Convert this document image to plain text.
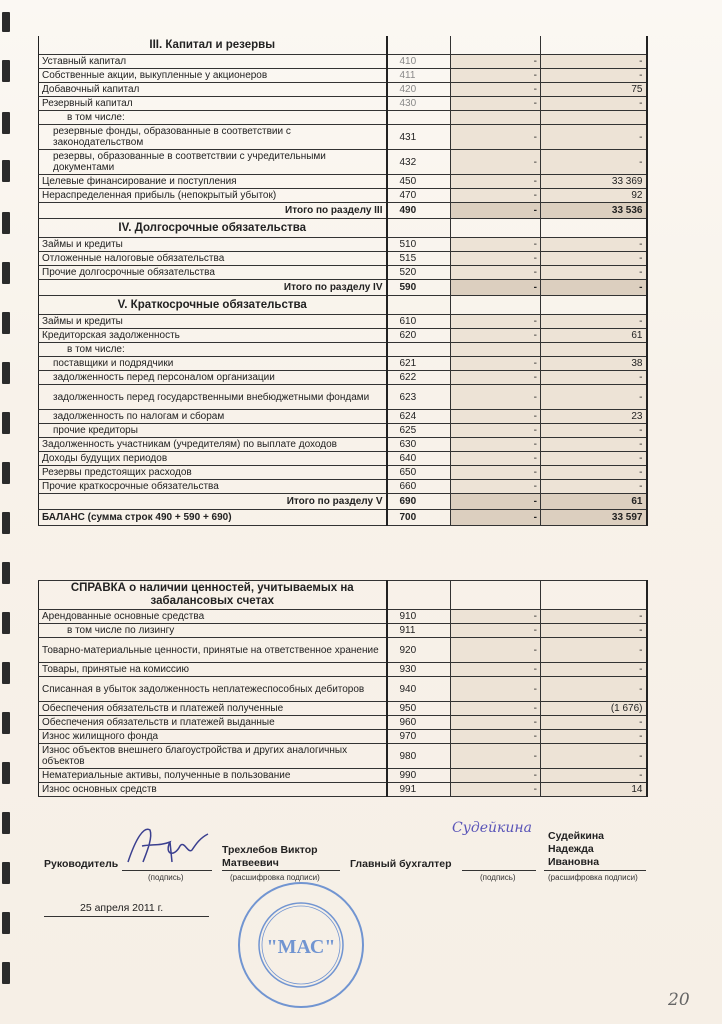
III. Капитал и резервы			
Уставный капитал	410	-	-
Собственные акции, выкупленные у акционеров	411	-	-
Добавочный капитал	420	-	75
Резервный капитал	430	-	-
в том числе:			
резервные фонды, образованные в соответствии с законодательством	431	-	-
резервы, образованные в соответствии с учредительными документами	432	-	-
Целевые финансирование и поступления	450	-	33 369
Нераспределенная прибыль (непокрытый убыток)	470	-	92
Итого по разделу III	490	-	33 536
IV. Долгосрочные обязательства			
Займы и кредиты	510	-	-
Отложенные налоговые обязательства	515	-	-
Прочие долгосрочные обязательства	520	-	-
Итого по разделу IV	590	-	-
V. Краткосрочные обязательства			
Займы и кредиты	610	-	-
Кредиторская задолженность	620	-	61
в том числе:			
поставщики и подрядчики	621	-	38
задолженность перед персоналом организации	622	-	-
задолженность перед государственными внебюджетными фондами	623	-	-
задолженность по налогам и сборам	624	-	23
прочие кредиторы	625	-	-
Задолженность участникам (учредителям) по выплате доходов	630	-	-
Доходы будущих периодов	640	-	-
Резервы предстоящих расходов	650	-	-
Прочие краткосрочные обязательства	660	-	-
Итого по разделу V	690	-	61
БАЛАНС (сумма строк 490 + 590 + 690)	700	-	33 597
СПРАВКА о наличии ценностей, учитываемых на забалансовых счетах			
Арендованные основные средства	910	-	-
в том числе по лизингу	911	-	-
Товарно-материальные ценности, принятые на ответственное хранение	920	-	-
Товары, принятые на комиссию	930	-	-
Списанная в убыток задолженность неплатежеспособных дебиторов	940	-	-
Обеспечения обязательств и платежей полученные	950	-	(1 676)
Обеспечения обязательств и платежей выданные	960	-	-
Износ жилищного фонда	970	-	-
Износ объектов внешнего благоустройства и других аналогичных объектов	980	-	-
Нематериальные активы, полученные в пользование	990	-	-
Износ основных средств	991	-	14
"МАС"
Руководитель
(подпись)
Трехлебов Виктор Матвеевич
(расшифровка подписи)
Главный бухгалтер
Судейкина
(подпись)
Судейкина
Надежда
Ивановна
(расшифровка подписи)
25 апреля 2011 г.
20
